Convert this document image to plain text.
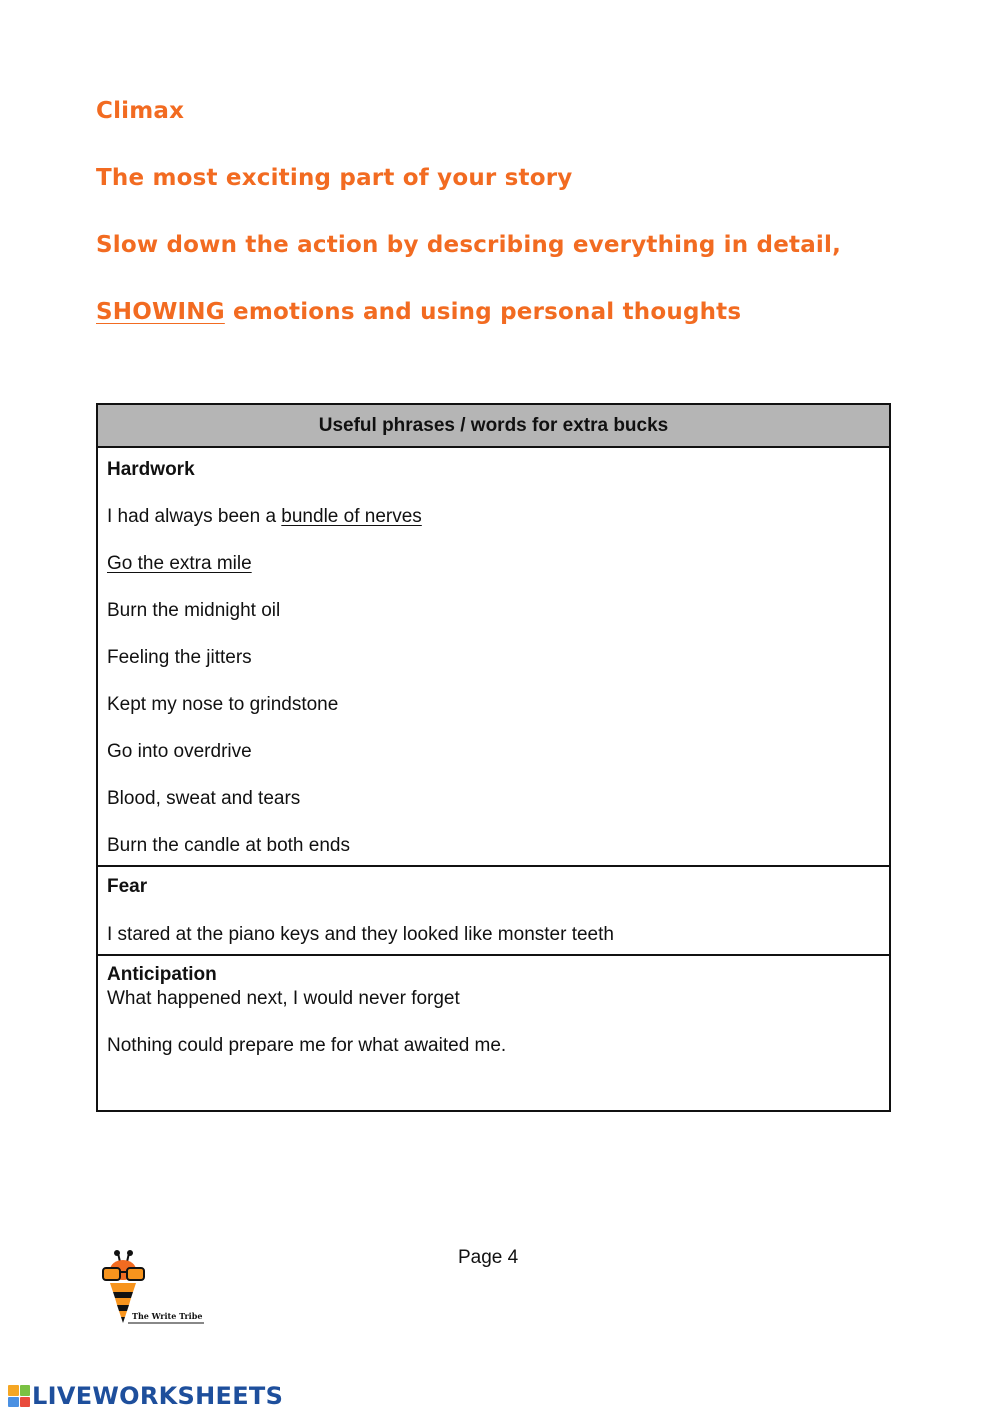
Climax
The most exciting part of your story
Slow down the action by describing everything in detail,
SHOWING emotions and using personal thoughts
Useful phrases / words for extra bucks
Hardwork
I had always been a bundle of nerves
Go the extra mile
Burn the midnight oil
Feeling the jitters
Kept my nose to grindstone
Go into overdrive
Blood, sweat and tears
Burn the candle at both ends
Fear
I stared at the piano keys and they looked like monster teeth
Anticipation
What happened next, I would never forget
Nothing could prepare me for what awaited me.
Page 4
The Write Tribe
LIVEWORKSHEETS
